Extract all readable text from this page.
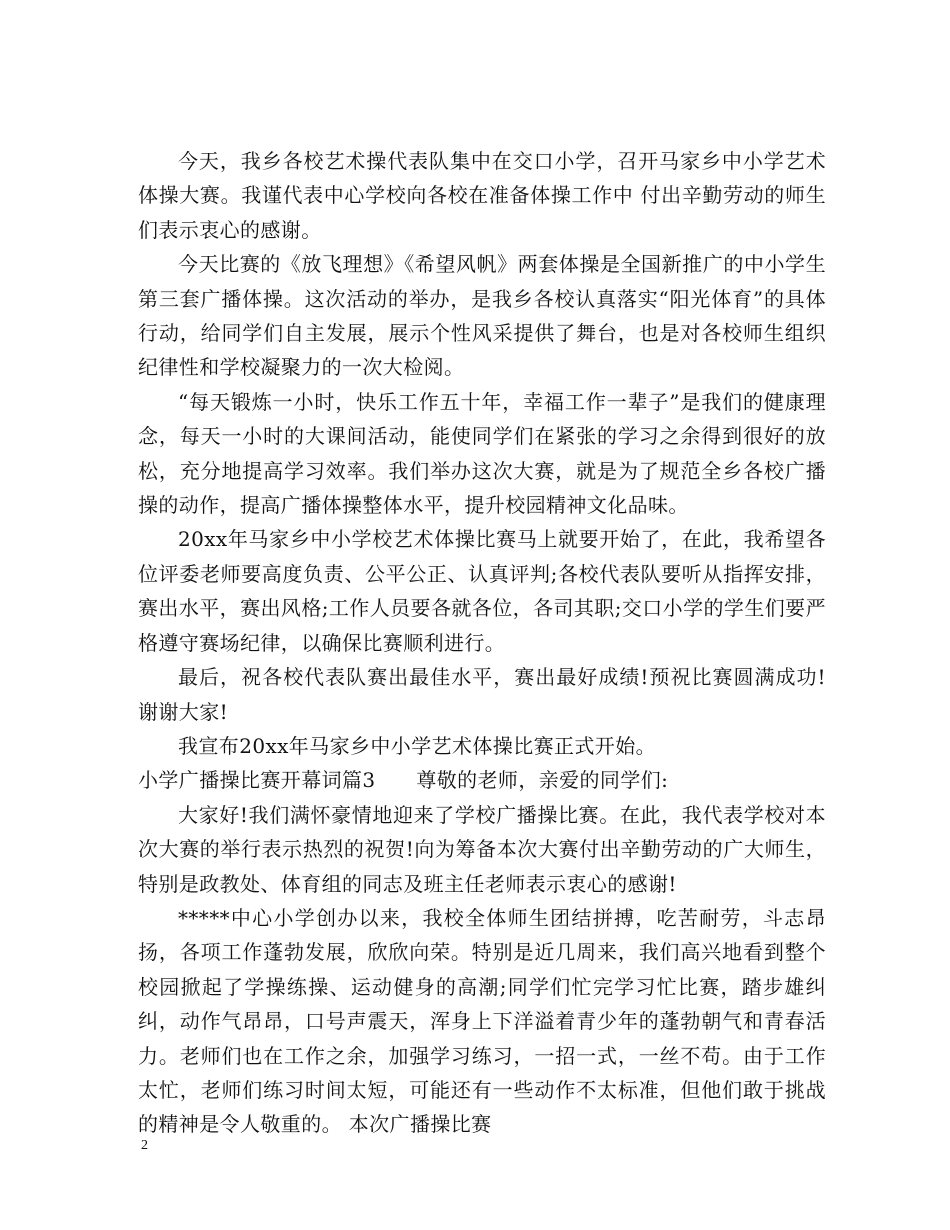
今天，我乡各校艺术操代表队集中在交口小学，召开马家乡中小学艺术体操大赛。我谨代表中心学校向各校在准备体操工作中 付出辛勤劳动的师生们表示衷心的感谢。

今天比赛的《放飞理想》《希望风帆》两套体操是全国新推广的中小学生第三套广播体操。这次活动的举办，是我乡各校认真落实“阳光体育”的具体行动，给同学们自主发展，展示个性风采提供了舞台，也是对各校师生组织纪律性和学校凝聚力的一次大检阅。

“每天锻炼一小时，快乐工作五十年，幸福工作一辈子”是我们的健康理念，每天一小时的大课间活动，能使同学们在紧张的学习之余得到很好的放松，充分地提高学习效率。我们举办这次大赛，就是为了规范全乡各校广播操的动作，提高广播体操整体水平，提升校园精神文化品味。

20xx年马家乡中小学校艺术体操比赛马上就要开始了，在此，我希望各位评委老师要高度负责、公平公正、认真评判;各校代表队要听从指挥安排，赛出水平，赛出风格;工作人员要各就各位，各司其职;交口小学的学生们要严格遵守赛场纪律，以确保比赛顺利进行。

最后，祝各校代表队赛出最佳水平，赛出最好成绩!预祝比赛圆满成功!谢谢大家!

我宣布20xx年马家乡中小学艺术体操比赛正式开始。

小学广播操比赛开幕词篇3　　尊敬的老师，亲爱的同学们:

大家好!我们满怀豪情地迎来了学校广播操比赛。在此，我代表学校对本次大赛的举行表示热烈的祝贺!向为筹备本次大赛付出辛勤劳动的广大师生，特别是政教处、体育组的同志及班主任老师表示衷心的感谢!

*****中心小学创办以来，我校全体师生团结拼搏，吃苦耐劳，斗志昂扬，各项工作蓬勃发展，欣欣向荣。特别是近几周来，我们高兴地看到整个校园掀起了学操练操、运动健身的高潮;同学们忙完学习忙比赛，踏步雄纠纠，动作气昂昂，口号声震天，浑身上下洋溢着青少年的蓬勃朝气和青春活力。老师们也在工作之余，加强学习练习，一招一式，一丝不苟。由于工作太忙，老师们练习时间太短，可能还有一些动作不太标准，但他们敢于挑战的精神是令人敬重的。 本次广播操比赛

2
